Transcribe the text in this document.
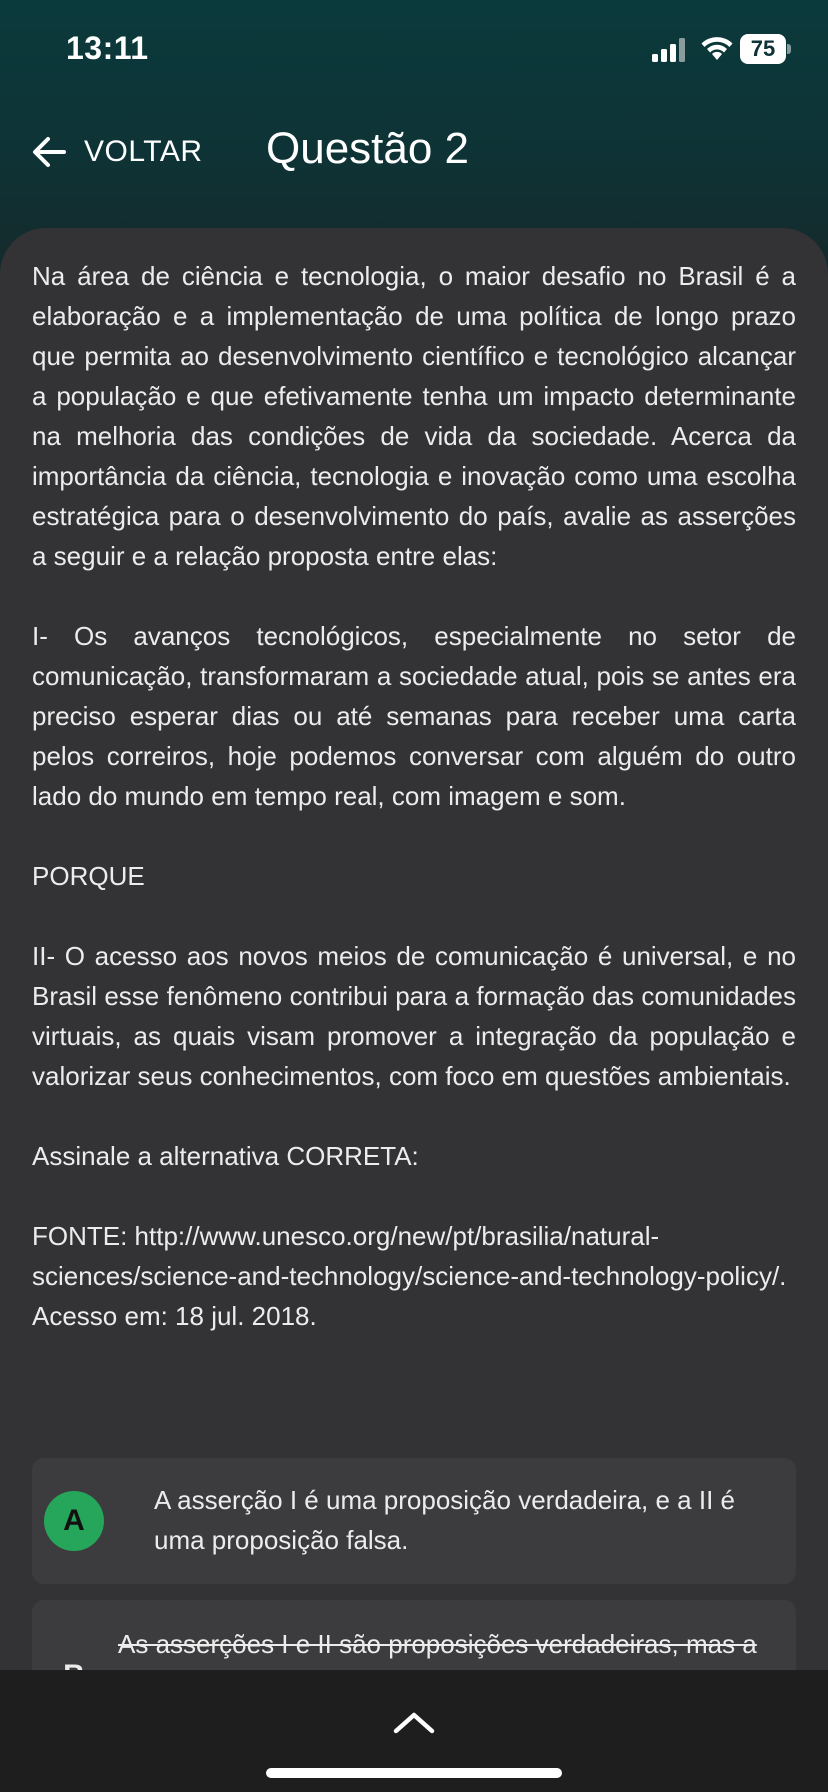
13:11	75
VOLTAR Questão 2

Na área de ciência e tecnologia, o maior desafio no Brasil é a elaboração e a implementação de uma política de longo prazo que permita ao desenvolvimento científico e tecnológico alcançar a população e que efetivamente tenha um impacto determinante na melhoria das condições de vida da sociedade. Acerca da importância da ciência, tecnologia e inovação como uma escolha estratégica para o desenvolvimento do país, avalie as asserções a seguir e a relação proposta entre elas:

I- Os avanços tecnológicos, especialmente no setor de comunicação, transformaram a sociedade atual, pois se antes era preciso esperar dias ou até semanas para receber uma carta pelos correiros, hoje podemos conversar com alguém do outro lado do mundo em tempo real, com imagem e som.

PORQUE

II- O acesso aos novos meios de comunicação é universal, e no Brasil esse fenômeno contribui para a formação das comunidades virtuais, as quais visam promover a integração da população e valorizar seus conhecimentos, com foco em questões ambientais.

Assinale a alternativa CORRETA:

FONTE: http://www.unesco.org/new/pt/brasilia/natural-sciences/science-and-technology/science-and-technology-policy/. Acesso em: 18 jul. 2018.

A
A asserção I é uma proposição verdadeira, e a II é uma proposição falsa.
As asserções I e II são proposições verdadeiras, mas a
